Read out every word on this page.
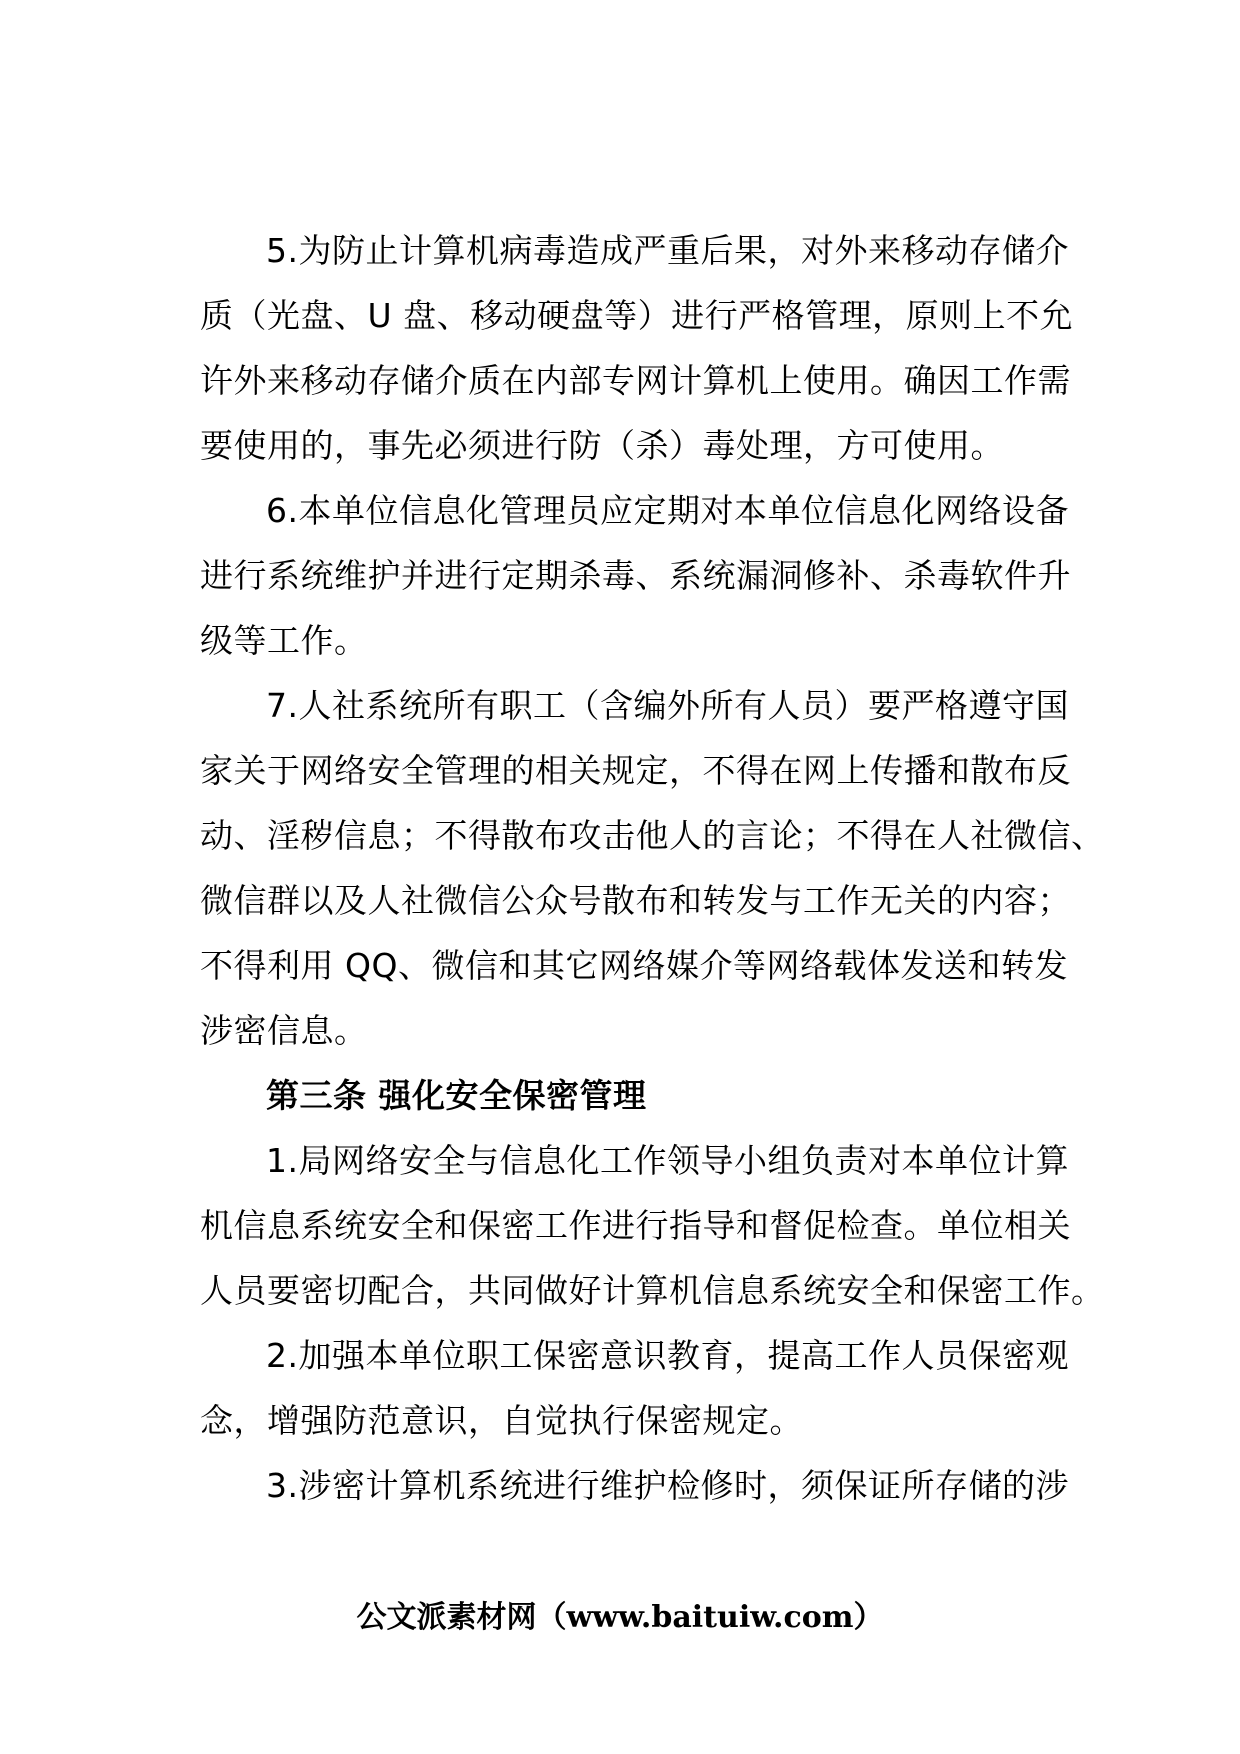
5.为防止计算机病毒造成严重后果，对外来移动存储介
质（光盘、U 盘、移动硬盘等）进行严格管理，原则上不允
许外来移动存储介质在内部专网计算机上使用。确因工作需
要使用的，事先必须进行防（杀）毒处理，方可使用。
6.本单位信息化管理员应定期对本单位信息化网络设备
进行系统维护并进行定期杀毒、系统漏洞修补、杀毒软件升
级等工作。
7.人社系统所有职工（含编外所有人员）要严格遵守国
家关于网络安全管理的相关规定，不得在网上传播和散布反
动、淫秽信息；不得散布攻击他人的言论；不得在人社微信、
微信群以及人社微信公众号散布和转发与工作无关的内容；
不得利用 QQ、微信和其它网络媒介等网络载体发送和转发
涉密信息。
第三条 强化安全保密管理
1.局网络安全与信息化工作领导小组负责对本单位计算
机信息系统安全和保密工作进行指导和督促检查。单位相关
人员要密切配合，共同做好计算机信息系统安全和保密工作。
2.加强本单位职工保密意识教育，提高工作人员保密观
念，增强防范意识，自觉执行保密规定。
3.涉密计算机系统进行维护检修时，须保证所存储的涉
公文派素材网（www.baituiw.com）
